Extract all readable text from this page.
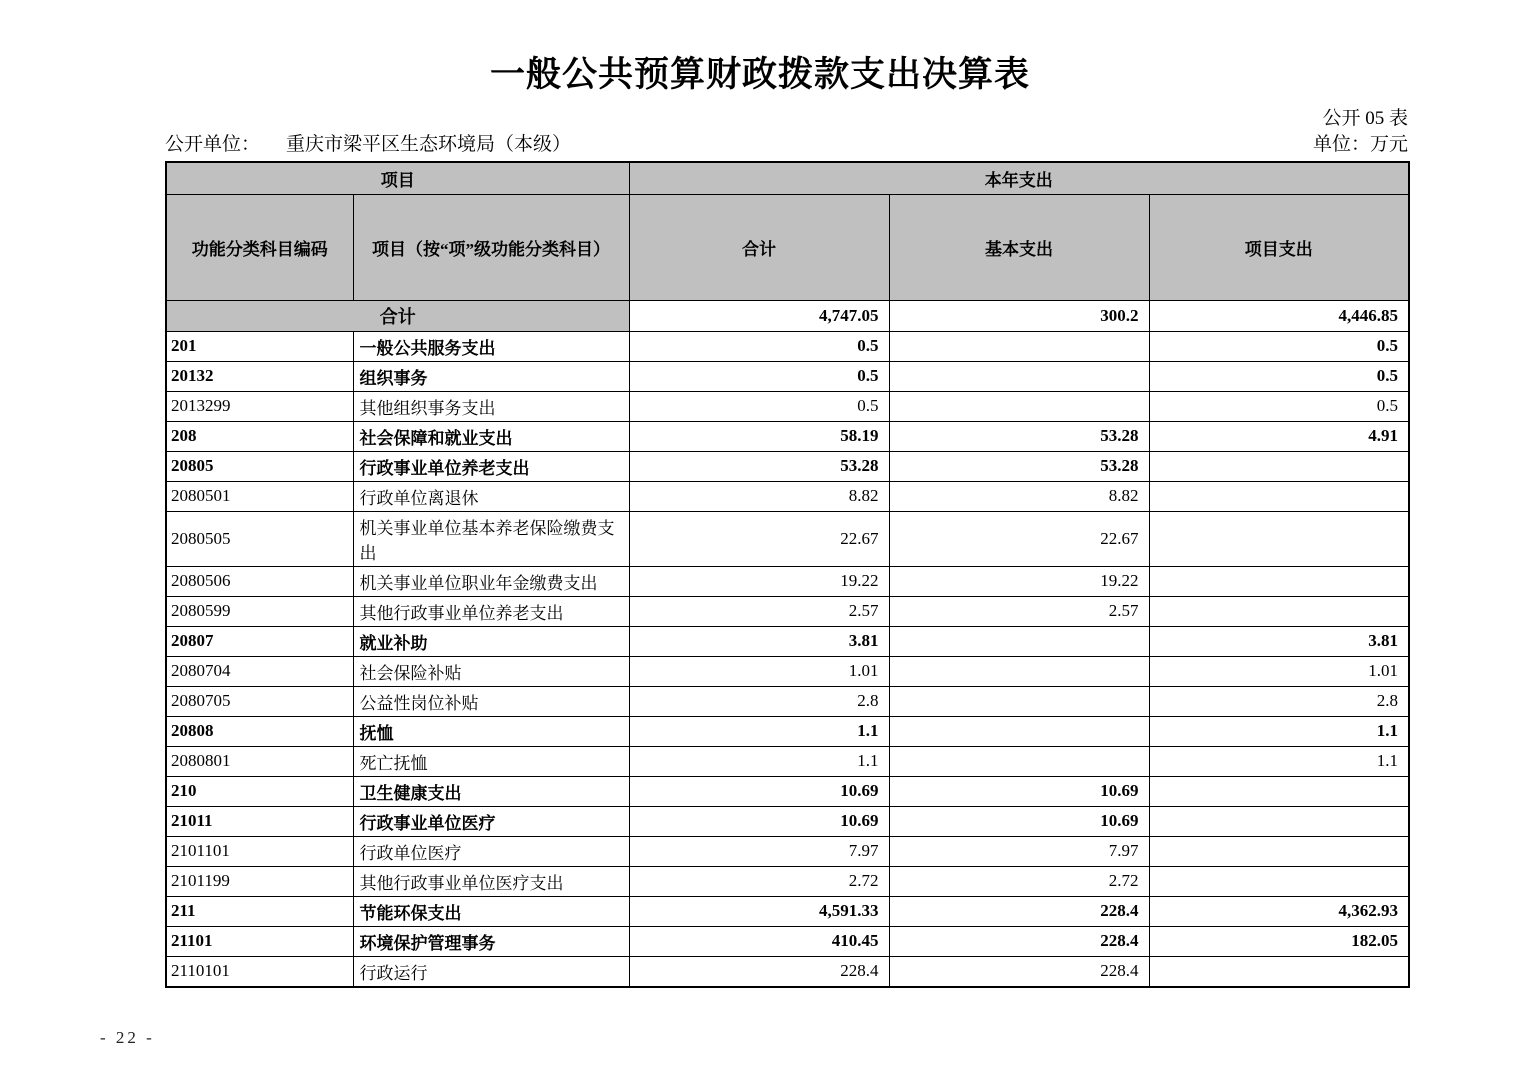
一般公共预算财政拨款支出决算表
公开 05 表
公开单位： 重庆市梁平区生态环境局（本级）	单位：万元
项目		本年支出		
功能分类科目编码	项目（按“项”级功能分类科目）	合计	基本支出	项目支出
合计		4,747.05	300.2	4,446.85
201	一般公共服务支出	0.5		0.5
20132	组织事务	0.5		0.5
2013299	其他组织事务支出	0.5		0.5
208	社会保障和就业支出	58.19	53.28	4.91
20805	行政事业单位养老支出	53.28	53.28	
2080501	行政单位离退休	8.82	8.82	
2080505	机关事业单位基本养老保险缴费支出	22.67	22.67	
2080506	机关事业单位职业年金缴费支出	19.22	19.22	
2080599	其他行政事业单位养老支出	2.57	2.57	
20807	就业补助	3.81		3.81
2080704	社会保险补贴	1.01		1.01
2080705	公益性岗位补贴	2.8		2.8
20808	抚恤	1.1		1.1
2080801	死亡抚恤	1.1		1.1
210	卫生健康支出	10.69	10.69	
21011	行政事业单位医疗	10.69	10.69	
2101101	行政单位医疗	7.97	7.97	
2101199	其他行政事业单位医疗支出	2.72	2.72	
211	节能环保支出	4,591.33	228.4	4,362.93
21101	环境保护管理事务	410.45	228.4	182.05
2110101	行政运行	228.4	228.4	
- 22 -
